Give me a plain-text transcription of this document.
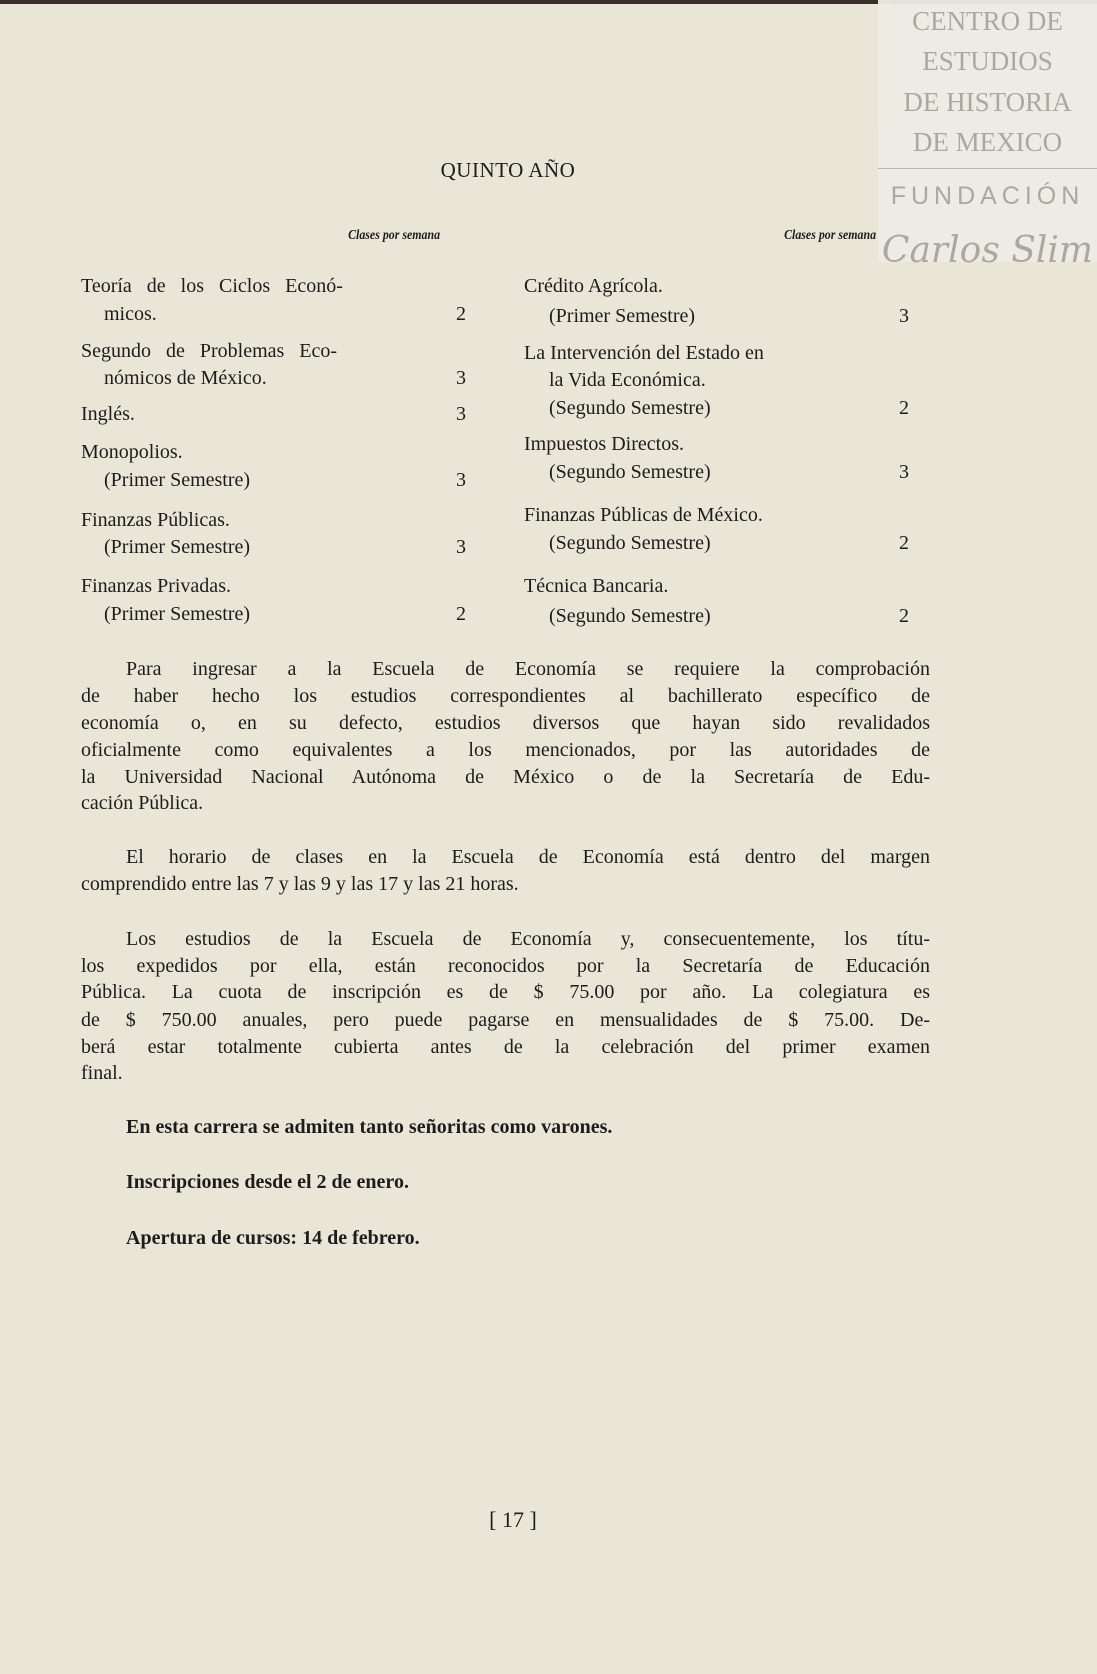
CENTRO DE
ESTUDIOS
DE HISTORIA
DE MEXICO
FUNDACIÓN
Carlos Slim
QUINTO AÑO
Clases por semana	Clases por semana
Teoría de los Ciclos Econó-
micos.	2
Segundo de Problemas Eco-
nómicos de México.	3
Inglés.	3
Monopolios.
(Primer Semestre)	3
Finanzas Públicas.
(Primer Semestre)	3
Finanzas Privadas.
(Primer Semestre)	2
Crédito Agrícola.
(Primer Semestre)	3
La Intervención del Estado en
la Vida Económica.
(Segundo Semestre)	2
Impuestos Directos.
(Segundo Semestre)	3
Finanzas Públicas de México.
(Segundo Semestre)	2
Técnica Bancaria.
(Segundo Semestre)	2
Para ingresar a la Escuela de Economía se requiere la comprobación
de haber hecho los estudios correspondientes al bachillerato específico de
economía o, en su defecto, estudios diversos que hayan sido revalidados
oficialmente como equivalentes a los mencionados, por las autoridades de
la Universidad Nacional Autónoma de México o de la Secretaría de Edu-
cación Pública.
El horario de clases en la Escuela de Economía está dentro del margen
comprendido entre las 7 y las 9 y las 17 y las 21 horas.
Los estudios de la Escuela de Economía y, consecuentemente, los títu-
los expedidos por ella, están reconocidos por la Secretaría de Educación
Pública. La cuota de inscripción es de $ 75.00 por año. La colegiatura es
de $ 750.00 anuales, pero puede pagarse en mensualidades de $ 75.00. De-
berá estar totalmente cubierta antes de la celebración del primer examen
final.
En esta carrera se admiten tanto señoritas como varones.
Inscripciones desde el 2 de enero.
Apertura de cursos: 14 de febrero.
[ 17 ]
